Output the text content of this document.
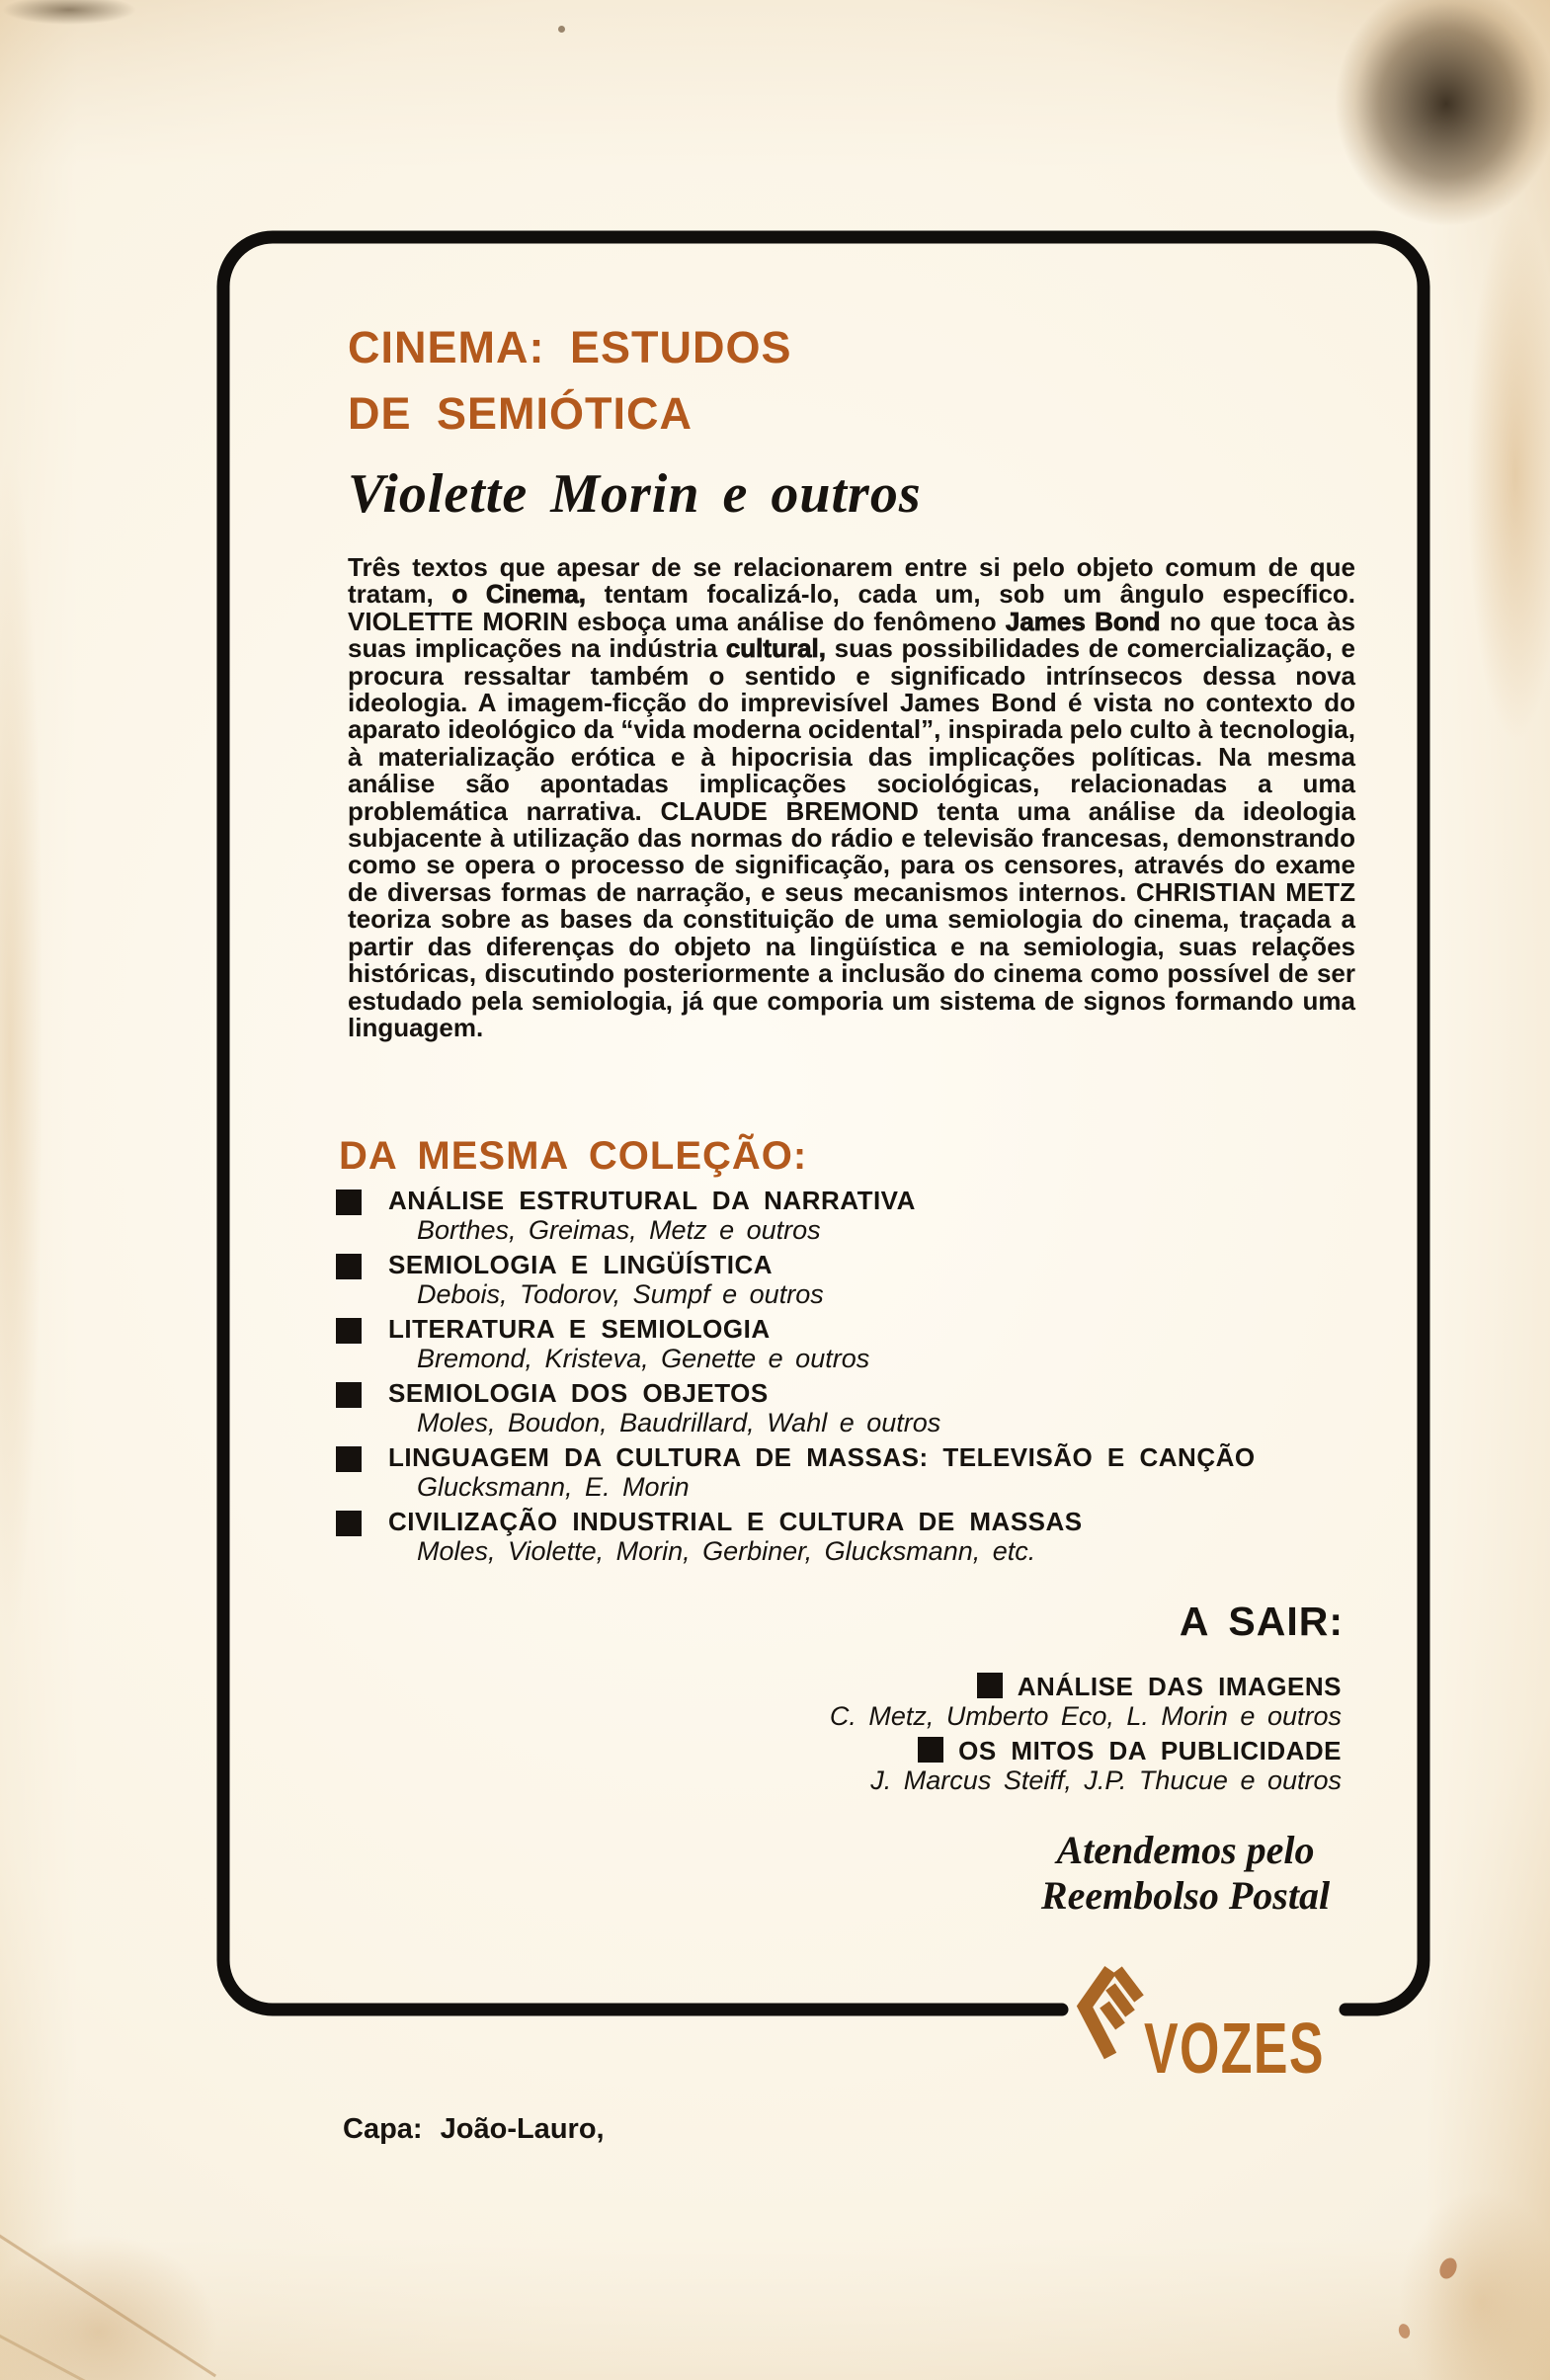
CINEMA: ESTUDOS
DE SEMIÓTICA
Violette Morin e outros

Três textos que apesar de se relacionarem entre si pelo objeto comum de que tratam, o Cinema, tentam focalizá-lo, cada um, sob um ângulo específico. VIOLETTE MORIN esboça uma análise do fenômeno James Bond no que toca às suas implicações na indústria cultural, suas possibilidades de comercialização, e procura ressaltar também o sentido e significado intrínsecos dessa nova ideologia. A imagem-ficção do imprevisível James Bond é vista no contexto do aparato ideológico da “vida moderna ocidental”, inspirada pelo culto à tecnologia, à materialização erótica e à hipocrisia das implicações políticas. Na mesma análise são apontadas implicações sociológicas, relacionadas a uma problemática narrativa. CLAUDE BREMOND tenta uma análise da ideologia subjacente à utilização das normas do rádio e televisão francesas, demonstrando como se opera o processo de significação, para os censores, através do exame de diversas formas de narração, e seus mecanismos internos. CHRISTIAN METZ teoriza sobre as bases da constituição de uma semiologia do cinema, traçada a partir das diferenças do objeto na lingüística e na semiologia, suas relações históricas, discutindo posteriormente a inclusão do cinema como possível de ser estudado pela semiologia, já que comporia um sistema de signos formando uma linguagem.

DA MESMA COLEÇÃO:
ANÁLISE ESTRUTURAL DA NARRATIVA
Borthes, Greimas, Metz e outros
SEMIOLOGIA E LINGÜÍSTICA
Debois, Todorov, Sumpf e outros
LITERATURA E SEMIOLOGIA
Bremond, Kristeva, Genette e outros
SEMIOLOGIA DOS OBJETOS
Moles, Boudon, Baudrillard, Wahl e outros
LINGUAGEM DA CULTURA DE MASSAS: TELEVISÃO E CANÇÃO
Glucksmann, E. Morin
CIVILIZAÇÃO INDUSTRIAL E CULTURA DE MASSAS
Moles, Violette, Morin, Gerbiner, Glucksmann, etc.
A SAIR:
ANÁLISE DAS IMAGENS
C. Metz, Umberto Eco, L. Morin e outros
OS MITOS DA PUBLICIDADE
J. Marcus Steiff, J.P. Thucue e outros
Atendemos pelo
Reembolso Postal
VOZES
Capa: João-Lauro,
